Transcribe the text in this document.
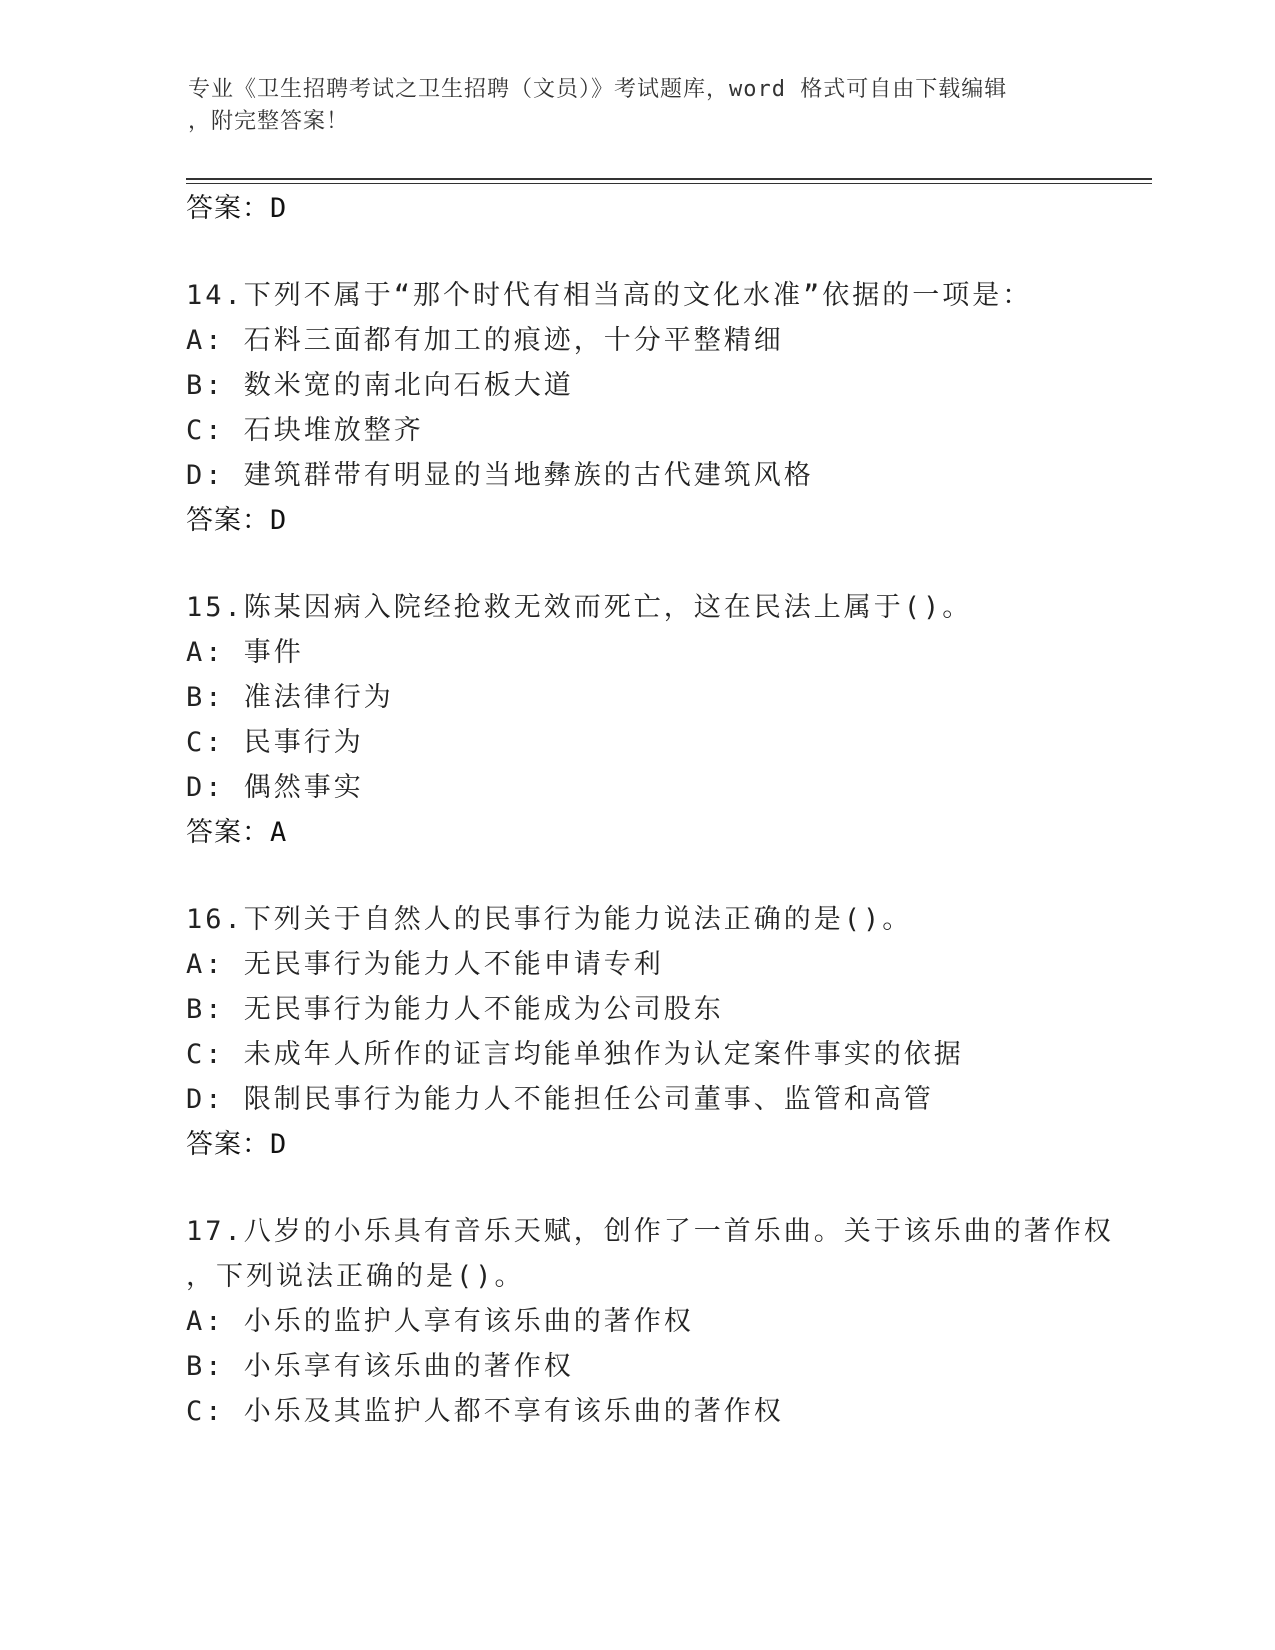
专业《卫生招聘考试之卫生招聘（文员）》考试题库，word 格式可自由下载编辑
，附完整答案！
答案：D
14.下列不属于“那个时代有相当高的文化水准”依据的一项是：
A: 石料三面都有加工的痕迹，十分平整精细
B: 数米宽的南北向石板大道
C: 石块堆放整齐
D: 建筑群带有明显的当地彝族的古代建筑风格
答案：D
15.陈某因病入院经抢救无效而死亡，这在民法上属于()。
A: 事件
B: 准法律行为
C: 民事行为
D: 偶然事实
答案：A
16.下列关于自然人的民事行为能力说法正确的是()。
A: 无民事行为能力人不能申请专利
B: 无民事行为能力人不能成为公司股东
C: 未成年人所作的证言均能单独作为认定案件事实的依据
D: 限制民事行为能力人不能担任公司董事、监管和高管
答案：D
17.八岁的小乐具有音乐天赋，创作了一首乐曲。关于该乐曲的著作权
，下列说法正确的是()。
A: 小乐的监护人享有该乐曲的著作权
B: 小乐享有该乐曲的著作权
C: 小乐及其监护人都不享有该乐曲的著作权
